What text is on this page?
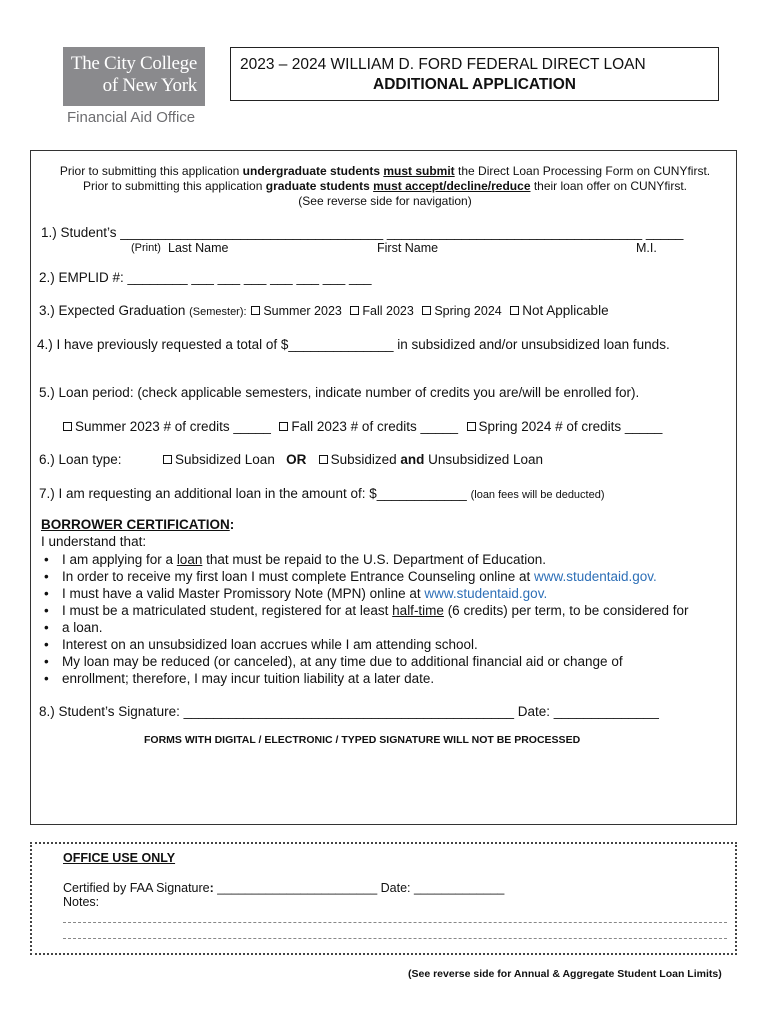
The City College
of New York
Financial Aid Office
2023 – 2024 WILLIAM D. FORD FEDERAL DIRECT LOAN
ADDITIONAL APPLICATION
Prior to submitting this application undergraduate students must submit the Direct Loan Processing Form on CUNYfirst.
Prior to submitting this application graduate students must accept/decline/reduce their loan offer on CUNYfirst.
(See reverse side for navigation)
1.) Student’s ___________________________________ __________________________________ _____
(Print) Last Name	First Name	M.I.
2.) EMPLID #: ________ ___ ___ ___ ___ ___ ___ ___
3.) Expected Graduation (Semester): Summer 2023 Fall 2023 Spring 2024 Not Applicable
4.) I have previously requested a total of $______________ in subsidized and/or unsubsidized loan funds.
5.) Loan period: (check applicable semesters, indicate number of credits you are/will be enrolled for).
Summer 2023 # of credits _____ Fall 2023 # of credits _____ Spring 2024 # of credits _____
6.) Loan type:	Subsidized Loan OR Subsidized and Unsubsidized Loan
7.) I am requesting an additional loan in the amount of: $____________ (loan fees will be deducted)
BORROWER CERTIFICATION:
I understand that:
• I am applying for a loan that must be repaid to the U.S. Department of Education.
• In order to receive my first loan I must complete Entrance Counseling online at www.studentaid.gov.
• I must have a valid Master Promissory Note (MPN) online at www.studentaid.gov.
• I must be a matriculated student, registered for at least half-time (6 credits) per term, to be considered for
• a loan.
• Interest on an unsubsidized loan accrues while I am attending school.
• My loan may be reduced (or canceled), at any time due to additional financial aid or change of
• enrollment; therefore, I may incur tuition liability at a later date.
8.) Student’s Signature: ____________________________________________ Date: ______________
FORMS WITH DIGITAL / ELECTRONIC / TYPED SIGNATURE WILL NOT BE PROCESSED
OFFICE USE ONLY
Certified by FAA Signature: _______________________ Date: _____________
Notes:
(See reverse side for Annual & Aggregate Student Loan Limits)
